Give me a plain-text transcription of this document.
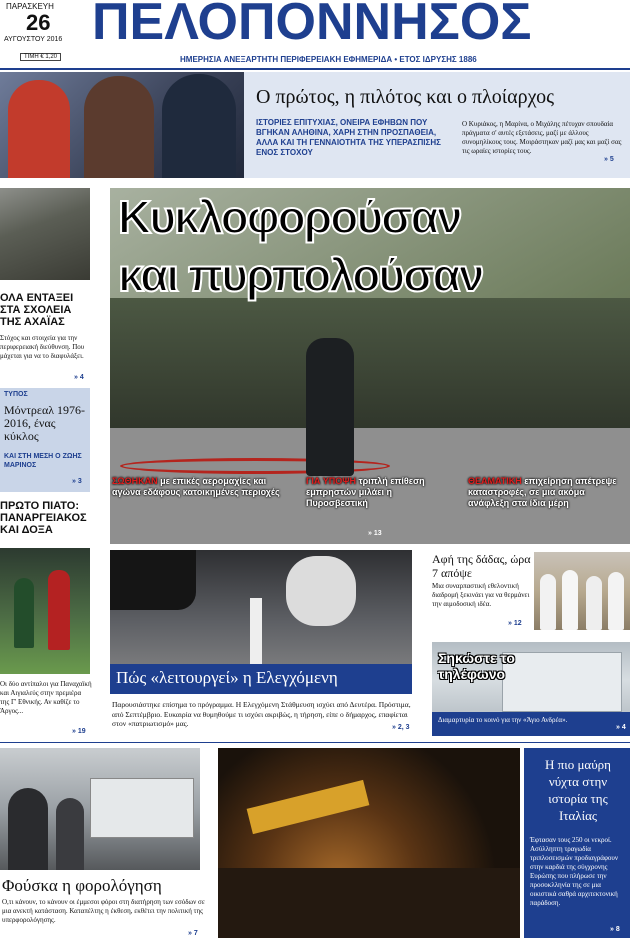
ΠΑΡΑΣΚΕΥΗ
26
ΑΥΓΟΥΣΤΟΥ 2016
ΤΙΜΗ € 1,20
ΠΕΛΟΠΟΝΝΗΣΟΣ
ΗΜΕΡΗΣΙΑ ΑΝΕΞΑΡΤΗΤΗ ΠΕΡΙΦΕΡΕΙΑΚΗ ΕΦΗΜΕΡΙΔΑ • ΕΤΟΣ ΙΔΡΥΣΗΣ 1886
Ο πρώτος, η πιλότος και ο πλοίαρχος
ΙΣΤΟΡΙΕΣ ΕΠΙΤΥΧΙΑΣ, ΟΝΕΙΡΑ ΕΦΗΒΩΝ ΠΟΥ ΒΓΗΚΑΝ ΑΛΗΘΙΝΑ, ΧΑΡΗ ΣΤΗΝ ΠΡΟΣΠΑΘΕΙΑ, ΑΛΛΑ ΚΑΙ ΤΗ ΓΕΝΝΑΙΟΤΗΤΑ ΤΗΣ ΥΠΕΡΑΣΠΙΣΗΣ ΕΝΟΣ ΣΤΟΧΟΥ
Ο Κυριάκος, η Μαρίνα, ο Μιχάλης πέτυχαν σπουδαία πράγματα σ' αυτές εξετάσεις, μαζί με άλλους συνομηλίκους τους. Μοιράστηκαν μαζί μας και μαζί σας τις ωραίες ιστορίες τους.
» 5
ΟΛΑ ΕΝΤΑΞΕΙ ΣΤΑ ΣΧΟΛΕΙΑ ΤΗΣ ΑΧΑΪΑΣ
Στόχος και στοιχεία για την περιφερειακή διεύθυνση. Που μάχεται για να το διαφυλάξει.
» 4
ΤΥΠΟΣ
Μόντρεαλ 1976-2016, ένας κύκλος
ΚΑΙ ΣΤΗ ΜΕΣΗ Ο ΖΩΗΣ ΜΑΡΙΝΟΣ
» 3
ΠΡΩΤΟ ΠΙΑΤΟ: ΠΑΝΑΡΓΕΙΑΚΟΣ ΚΑΙ ΔΟΞΑ
Οι δύο αντίπαλοι για Παναχαϊκή και Αιγιαλεύς στην πρεμιέρα της Γ' Εθνικής. Αν καθίζε το Άργος...
» 19
Κυκλοφορούσαν
και πυρπολούσαν
ΣΩΘΗΚΑΝ με επικές αερομαχίες και αγώνα εδάφους κατοικημένες περιοχές
ΓΙΑ ΥΠΟΨΗ τριπλή επίθεση εμπρηστών μιλάει η Πυροσβεστική
ΘΕΑΜΑΤΙΚΗ επιχείρηση απέτρεψε καταστροφές, σε μια ακόμα ανάφλεξη στα ίδια μέρη
» 13
Πώς «λειτουργεί» η Ελεγχόμενη
Παρουσιάστηκε επίσημα το πρόγραμμα. Η Ελεγχόμενη Στάθμευση ισχύει από Δευτέρα. Πρόστιμα, από Σεπτέμβριο. Ευκαιρία να θυμηθούμε τι ισχύει ακριβώς, η τήρηση, είπε ο δήμαρχος, επαφίεται στον «πατριωτισμό» μας.	» 2, 3
Αφή της δάδας, ώρα 7 απόψε
Μια συναρπαστική εθελοντική διαδρομή ξεκινάει για να θερμάνει την αιμοδοσική ιδέα.
» 12
Σηκώστε το τηλέφωνο
Διαμαρτυρία το κοινό για την «Άγιο Ανδρέα».
» 4
Φούσκα η φορολόγηση
Ο,τι κάνουν, το κάνουν οι έμμεσοι φόροι στη διατήρηση των εσόδων σε μια ανεκτή κατάσταση. Καταπέλτης η έκθεση, εκθέτει την πολιτική της υπερφορολόγησης.
» 7
Η πιο μαύρη νύχτα στην ιστορία της Ιταλίας
Έφτασαν τους 250 οι νεκροί. Ασύλληπτη τραγωδία τριπλοσεισμών προδιαγράφουν στην καρδιά της σύγχρονης Ευρώπης που πλήρωσε την προσοκλληνία της σε μια οικιστικά σαθρά αρχιτεκτονική παράδοση.
» 8
